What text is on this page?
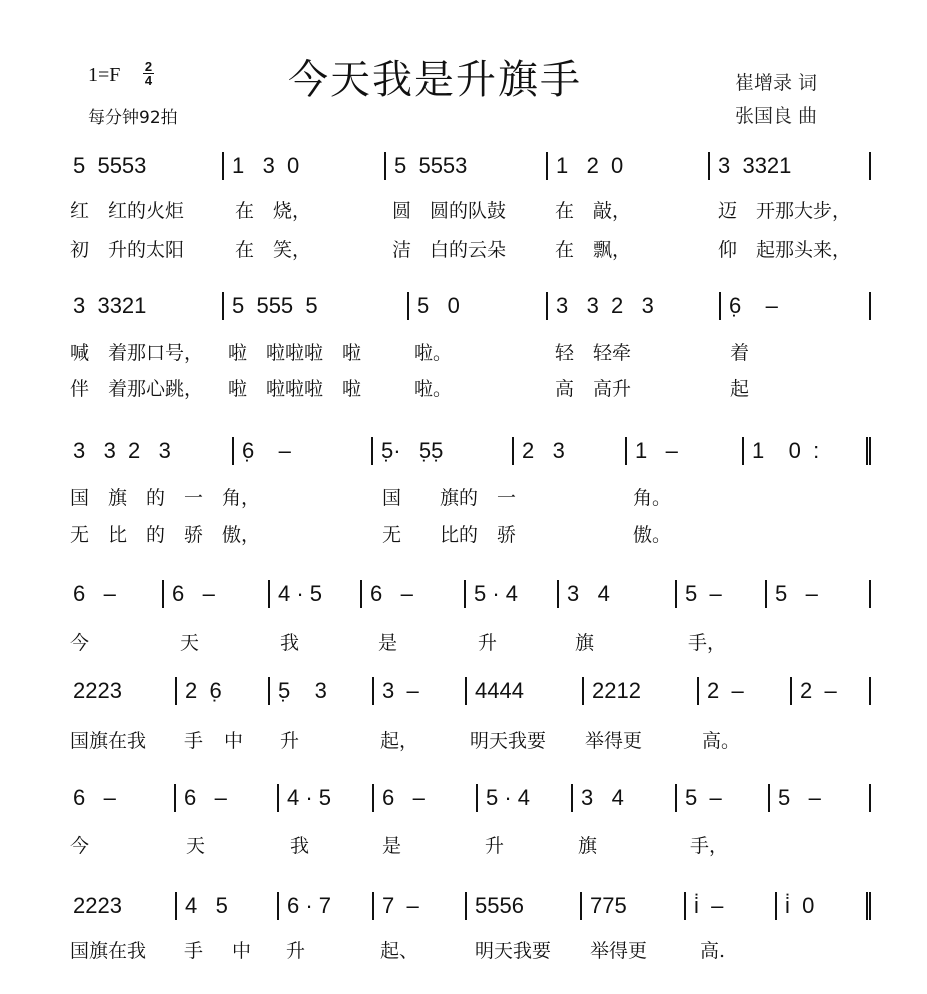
1=F 2
4
每分钟92拍
今天我是升旗手	崔增录 词
张国良 曲
5  5553	1   3  0	5  5553	1   2  0	3  3321
红　红的火炬	在　烧，	圆　圆的队鼓	在　敲，	迈　开那大步，
初　升的太阳	在　笑，	洁　白的云朵	在　飘，	仰　起那头来，
3  3321	5  555  5	5   0	3   3  2   3	6̣    –
喊　着那口号， 啦　啦啦啦　啦	啦。	轻　轻牵	着
伴　着那心跳， 啦　啦啦啦　啦	啦。	高　高升	起
3   3  2   3	6̣    –	5̣·   5̣5̣	2   3	1   –	1    0  :
国　旗　的　一　角，	国 旗的　一	角。
无　比　的　骄　傲，	无 比的　骄	傲。
6   –	6   –	4 · 5	6   –	5 · 4	3   4	5  –	5   –
今	天	我	是	升	旗	手，
2223	2  6̣	5̣    3	3  –	4444	2212	2  –	2  –
国旗在我 手 中 升	起，	明天我要 举得更	高。
6   –	6   –	4 · 5	6   –	5 · 4	3   4	5  –	5   –
今	天	我	是	升	旗	手，
2223	4   5	6 · 7	7  –	5556	775	i̇  –	i̇  0
国旗在我 手 中 升	起、	明天我要 举得更	高.
